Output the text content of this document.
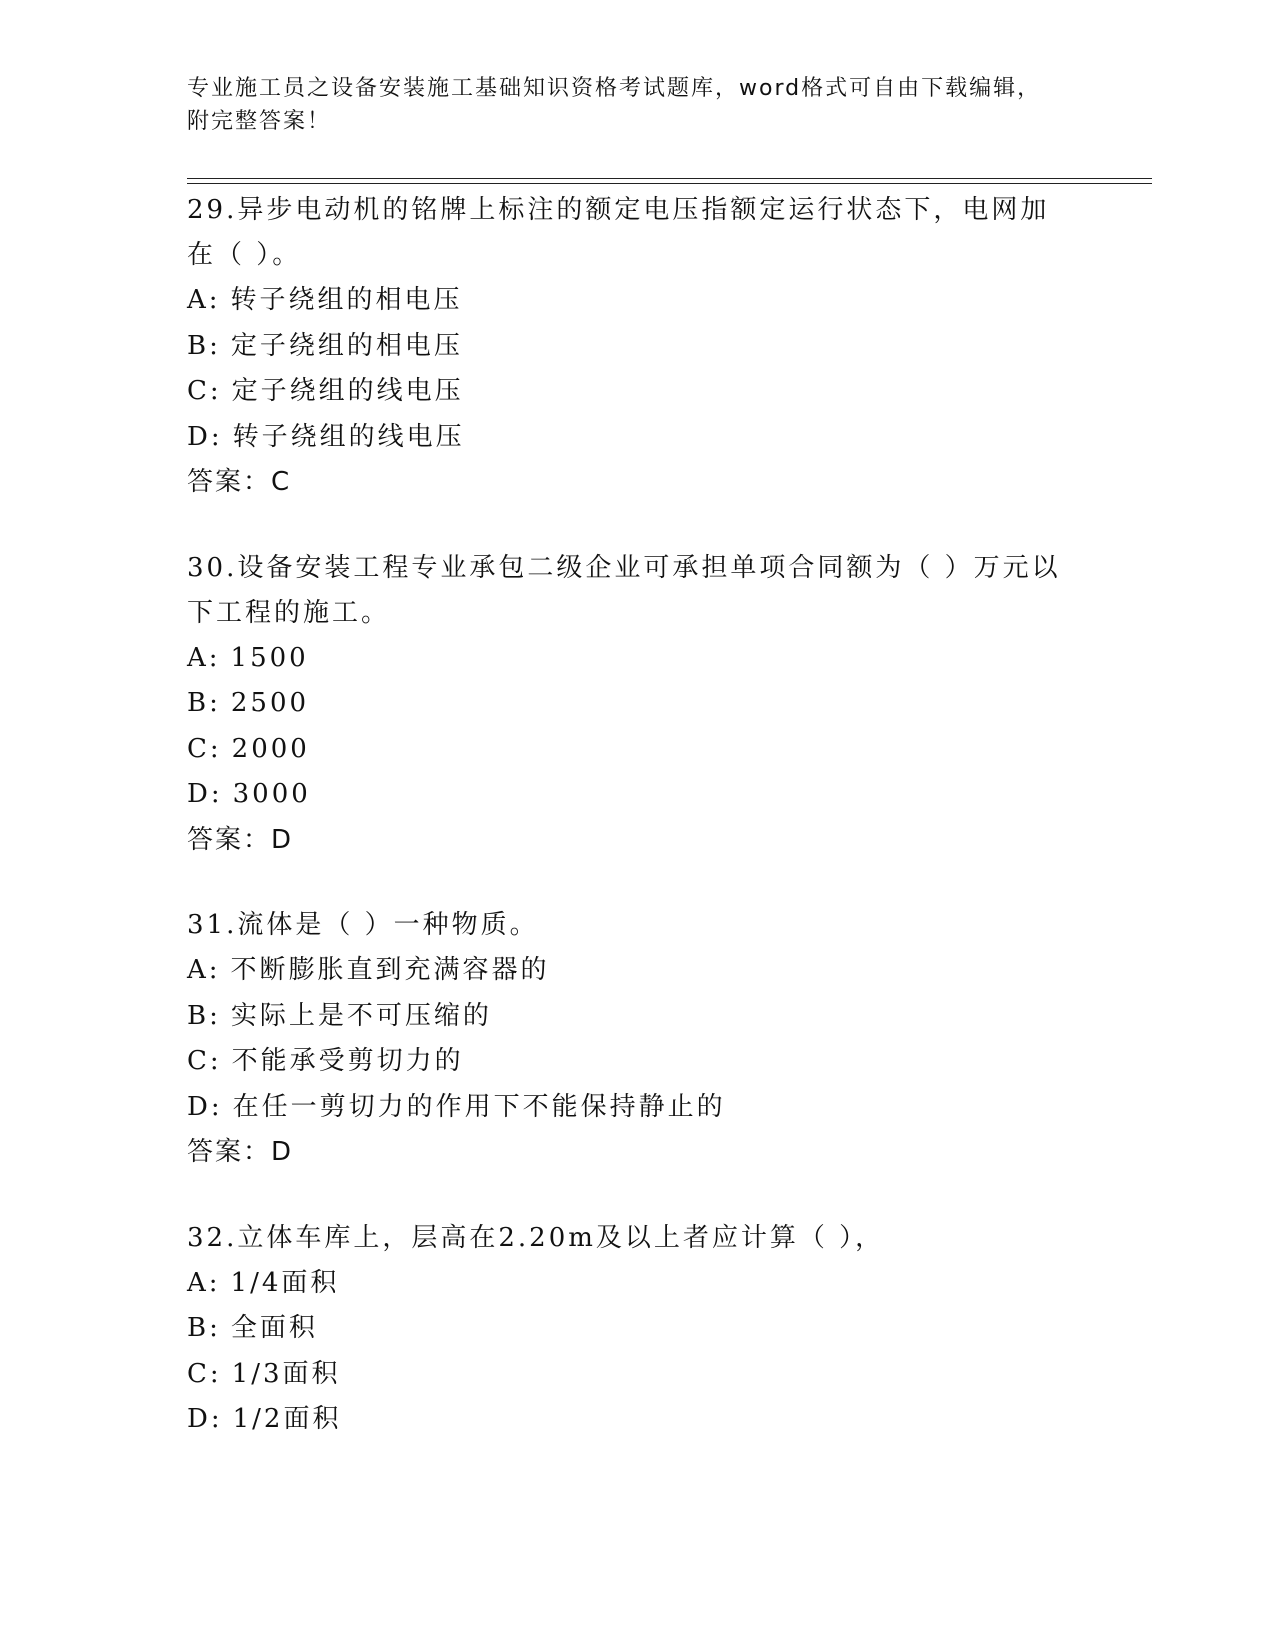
专业施工员之设备安装施工基础知识资格考试题库，word格式可自由下载编辑，
附完整答案！
29.异步电动机的铭牌上标注的额定电压指额定运行状态下，电网加在（ ）。
A: 转子绕组的相电压
B: 定子绕组的相电压
C: 定子绕组的线电压
D: 转子绕组的线电压
答案：C
30.设备安装工程专业承包二级企业可承担单项合同额为（ ）万元以下工程的施工。
A: 1500
B: 2500
C: 2000
D: 3000
答案：D
31.流体是（ ）一种物质。
A: 不断膨胀直到充满容器的
B: 实际上是不可压缩的
C: 不能承受剪切力的
D: 在任一剪切力的作用下不能保持静止的
答案：D
32.立体车库上，层高在2.20m及以上者应计算（ ），
A: 1/4面积
B: 全面积
C: 1/3面积
D: 1/2面积
